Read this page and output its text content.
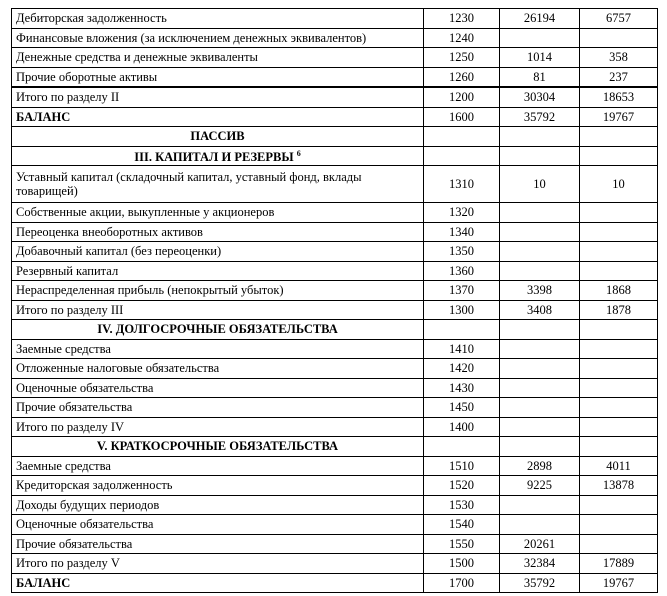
Дебиторская задолженность	1230	26194	6757
Финансовые вложения (за исключением денежных эквивалентов)	1240		
Денежные средства и денежные эквиваленты	1250	1014	358
Прочие оборотные активы	1260	81	237
Итого по разделу II	1200	30304	18653
БАЛАНС	1600	35792	19767
ПАССИВ			
III. КАПИТАЛ И РЕЗЕРВЫ $^6$			
Уставный капитал (складочный капитал, уставный фонд, вклады товарищей)	1310	10	10
Собственные акции, выкупленные у акционеров	1320		
Переоценка внеоборотных активов	1340		
Добавочный капитал (без переоценки)	1350		
Резервный капитал	1360		
Нераспределенная прибыль (непокрытый убыток)	1370	3398	1868
Итого по разделу III	1300	3408	1878
IV. ДОЛГОСРОЧНЫЕ ОБЯЗАТЕЛЬСТВА			
Заемные средства	1410		
Отложенные налоговые обязательства	1420		
Оценочные обязательства	1430		
Прочие обязательства	1450		
Итого по разделу IV	1400		
V. КРАТКОСРОЧНЫЕ ОБЯЗАТЕЛЬСТВА			
Заемные средства	1510	2898	4011
Кредиторская задолженность	1520	9225	13878
Доходы будущих периодов	1530		
Оценочные обязательства	1540		
Прочие обязательства	1550	20261	
Итого по разделу V	1500	32384	17889
БАЛАНС	1700	35792	19767
